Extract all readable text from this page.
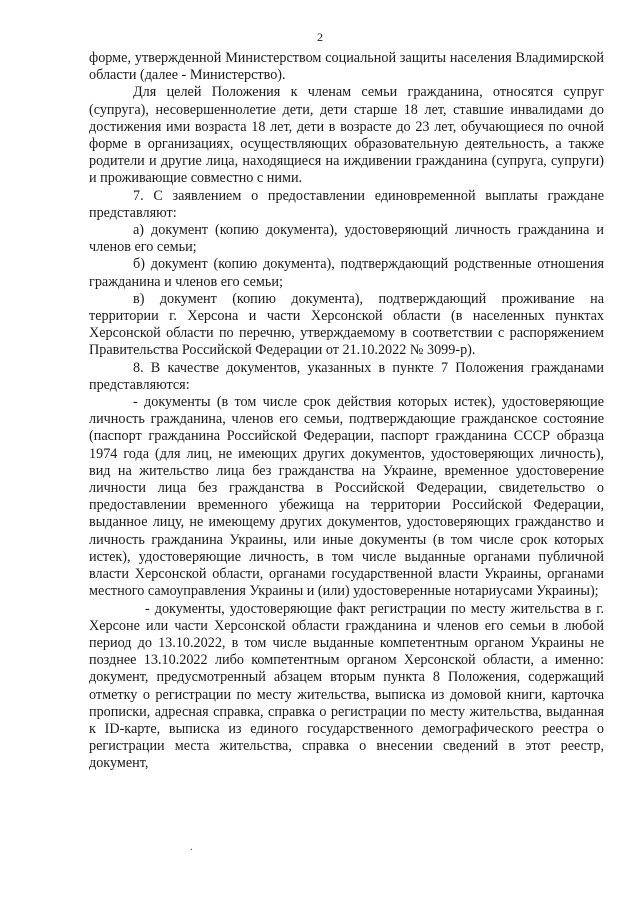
2

форме, утвержденной Министерством социальной защиты населения Владимирской области (далее - Министерство).

Для целей Положения к членам семьи гражданина, относятся супруг (супруга), несовершеннолетие дети, дети старше 18 лет, ставшие инвалидами до достижения ими возраста 18 лет, дети в возрасте до 23 лет, обучающиеся по очной форме в организациях, осуществляющих образовательную деятельность, а также родители и другие лица, находящиеся на иждивении гражданина (супруга, супруги) и проживающие совместно с ними.

7. С заявлением о предоставлении единовременной выплаты граждане представляют:

а) документ (копию документа), удостоверяющий личность гражданина и членов его семьи;

б) документ (копию документа), подтверждающий родственные отношения гражданина и членов его семьи;

в) документ (копию документа), подтверждающий проживание на территории г. Херсона и части Херсонской области (в населенных пунктах Херсонской области по перечню, утверждаемому в соответствии с распоряжением Правительства Российской Федерации от 21.10.2022 № 3099-р).

8. В качестве документов, указанных в пункте 7 Положения гражданами представляются:

- документы (в том числе срок действия которых истек), удостоверяющие личность гражданина, членов его семьи, подтверждающие гражданское состояние (паспорт гражданина Российской Федерации, паспорт гражданина СССР образца 1974 года (для лиц, не имеющих других документов, удостоверяющих личность), вид на жительство лица без гражданства на Украине, временное удостоверение личности лица без гражданства в Российской Федерации, свидетельство о предоставлении временного убежища на территории Российской Федерации, выданное лицу, не имеющему других документов, удостоверяющих гражданство и личность гражданина Украины, или иные документы (в том числе срок которых истек), удостоверяющие личность, в том числе выданные органами публичной власти Херсонской области, органами государственной власти Украины, органами местного самоуправления Украины и (или) удостоверенные нотариусами Украины);

- документы, удостоверяющие факт регистрации по месту жительства в г. Херсоне или части Херсонской области гражданина и членов его семьи в любой период до 13.10.2022, в том числе выданные компетентным органом Украины не позднее 13.10.2022 либо компетентным органом Херсонской области, а именно: документ, предусмотренный абзацем вторым пункта 8 Положения, содержащий отметку о регистрации по месту жительства, выписка из домовой книги, карточка прописки, адресная справка, справка о регистрации по месту жительства, выданная к ID-карте, выписка из единого государственного демографического реестра о регистрации места жительства, справка о внесении сведений в этот реестр, документ,

.
